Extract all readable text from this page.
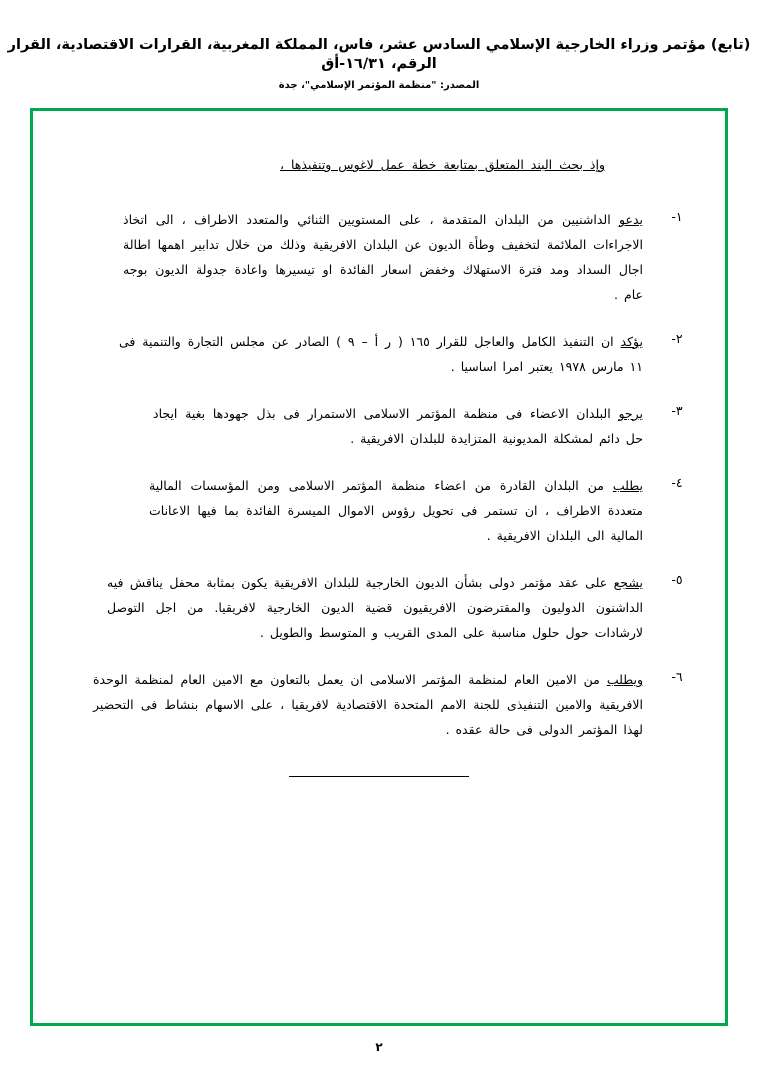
(تابع) مؤتمر وزراء الخارجية الإسلامي السادس عشر، فاس، المملكة المغربية، القرارات الاقتصادية، القرار الرقم، ١٦/٣١-أق
المصدر: "منظمة المؤتمر الإسلامي"، جدة
وإذ بحث البند المتعلق بمتابعة خطة عمل لاغوس وتنفيذها ،
١-
يدعو الداشنيين من البلدان المتقدمة ، على المستويين الثنائي والمتعدد الاطراف ، الى اتخاذ الاجراءات الملائمة لتخفيف وطأة الديون عن البلدان الافريقية وذلك من خلال تدابير اهمها اطالة اجال السداد ومد فترة الاستهلاك وخفض اسعار الفائدة او تيسيرها واعادة جدولة الديون بوجه عام .
٢-
يؤكد ان التنفيذ الكامل والعاجل للقرار ١٦٥ ( ر أ – ٩ ) الصادر عن مجلس التجارة والتنمية فى ١١ مارس ١٩٧٨ يعتبر امرا اساسيا .
٣-
يرجو البلدان الاعضاء فى منظمة المؤتمر الاسلامى الاستمرار فى بذل جهودها بغية ايجاد حل دائم لمشكلة المديونية المتزايدة للبلدان الافريقية .
٤-
يطلب من البلدان القادرة من اعضاء منظمة المؤتمر الاسلامى ومن المؤسسات المالية متعددة الاطراف ، ان تستمر فى تحويل رؤوس الاموال الميسرة الفائدة بما فيها الاعانات المالية الى البلدان الافريقية .
٥-
يشجع على عقد مؤتمر دولى بشأن الديون الخارجية للبلدان الافريقية يكون بمثابة محفل يناقش فيه الداشنون الدوليون والمقترضون الافريقيون قضية الديون الخارجية لافريقيا. من اجل التوصل لارشادات حول حلول مناسبة على المدى القريب و المتوسط والطويل .
٦-
ويطلب من الامين العام لمنظمة المؤتمر الاسلامى ان يعمل بالتعاون مع الامين العام لمنظمة الوحدة الافريقية والامين التنفيذى للجنة الامم المتحدة الاقتصادية لافريقيا ، على الاسهام بنشاط فى التحضير لهذا المؤتمر الدولى فى حالة عقده .
٢
